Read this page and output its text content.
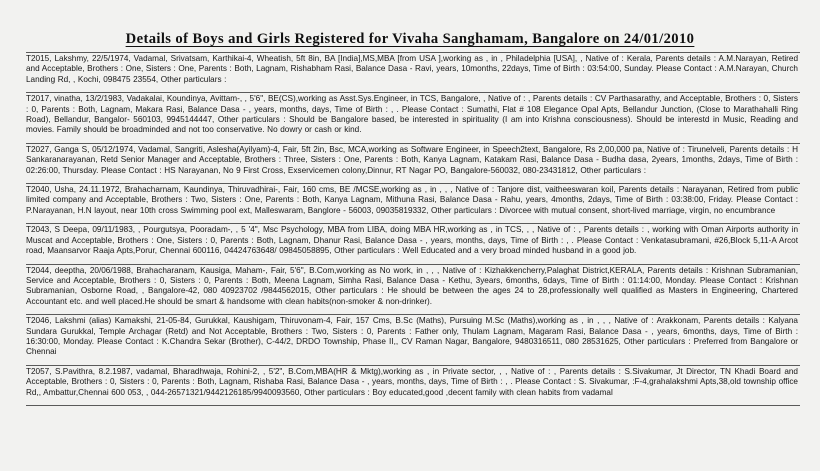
Details of Boys and Girls Registered for Vivaha Sanghamam, Bangalore on 24/01/2010
T2015, Lakshmy, 22/5/1974, Vadamal, Srivatsam, Karthikai-4, Wheatish, 5ft 8in, BA [India],MS,MBA [from USA ],working as , in , Philadelphia [USA], , Native of : Kerala, Parents details : A.M.Narayan, Retired and Acceptable, Brothers : One, Sisters : One, Parents : Both, Lagnam, Rishabham Rasi, Balance Dasa - Ravi, years, 10months, 22days, Time of Birth : 03:54:00, Sunday. Please Contact : A.M.Narayan, Church Landing Rd, , Kochi, 098475 23554, Other particulars :
T2017, vinatha, 13/2/1983, Vadakalai, Koundinya, Avittam-, , 5'6", BE(CS),working as Asst.Sys.Engineer, in TCS, Bangalore, , Native of : , Parents details : CV Parthasarathy, and Acceptable, Brothers : 0, Sisters : 0, Parents : Both, Lagnam, Makara Rasi, Balance Dasa - , years, months, days, Time of Birth : , . Please Contact : Sumathi, Flat # 108 Elegance Opal Apts, Bellandur Junction, (Close to Marathahalli Ring Road), Bellandur, Bangalor- 560103, 9945144447, Other particulars : Should be Bangalore based, be interested in spirituality (I am into Krishna consciousness). Should be interestd in Music, Reading and movies. Family should be broadminded and not too conservative. No dowry or cash or kind.
T2027, Ganga S, 05/12/1974, Vadamal, Sangriti, Aslesha(Ayilyam)-4, Fair, 5ft 2in, Bsc, MCA,working as Software Engineer, in Speech2text, Bangalore, Rs 2,00,000 pa, Native of : Tirunelveli, Parents details : H Sankaranarayanan, Retd Senior Manager and Acceptable, Brothers : Three, Sisters : One, Parents : Both, Kanya Lagnam, Katakam Rasi, Balance Dasa - Budha dasa, 2years, 1months, 2days, Time of Birth : 02:26:00, Thursday. Please Contact : HS Narayanan, No 9 First Cross, Exservicemen colony,Dinnur, RT Nagar PO, Bangalore-560032, 080-23431812, Other particulars :
T2040, Usha, 24.11.1972, Brahacharnam, Kaundinya, Thiruvadhirai-, Fair, 160 cms, BE /MCSE,working as , in , , , Native of : Tanjore dist, vaitheeswaran koil, Parents details : Narayanan, Retired from public limited company and Acceptable, Brothers : Two, Sisters : One, Parents : Both, Kanya Lagnam, Mithuna Rasi, Balance Dasa - Rahu, years, 4months, 2days, Time of Birth : 03:38:00, Friday. Please Contact : P.Narayanan, H.N layout, near 10th cross Swimming pool ext, Malleswaram, Banglore - 56003, 09035819332, Other particulars : Divorcee with mutual consent, short-lived marriage, virgin, no encumbrance
T2043, S Deepa, 09/11/1983, , Pourgutsya, Pooradam-, , 5 '4", Msc Psychology, MBA from LIBA, doing MBA HR,working as , in TCS, , , Native of : , Parents details : , working with Oman Airports authority in Muscat and Acceptable, Brothers : One, Sisters : 0, Parents : Both, Lagnam, Dhanur Rasi, Balance Dasa - , years, months, days, Time of Birth : , . Please Contact : Venkatasubramani, #26,Block 5,11-A Arcot road, Maansarvor Raaja Apts,Porur, Chennai 600116, 04424763648/ 09845058895, Other particulars : Well Educated and a very broad minded husband in a good job.
T2044, deeptha, 20/06/1988, Brahacharanam, Kausiga, Maham-, Fair, 5'6", B.Com,working as No work, in , , , Native of : Kizhakkencherry,Palaghat District,KERALA, Parents details : Krishnan Subramanian, Service and Acceptable, Brothers : 0, Sisters : 0, Parents : Both, Meena Lagnam, Simha Rasi, Balance Dasa - Kethu, 3years, 6months, 6days, Time of Birth : 01:14:00, Monday. Please Contact : Krishnan Subramanian, Osborne Road, , Bangalore-42, 080 40923702 /9844562015, Other particulars : He should be between the ages 24 to 28,professionally well qualified as Masters in Engineering, Chartered Accountant etc. and well placed.He should be smart & handsome with clean habits(non-smoker & non-drinker).
T2046, Lakshmi (alias) Kamakshi, 21-05-84, Gurukkal, Kaushigam, Thiruvonam-4, Fair, 157 Cms, B.Sc (Maths), Pursuing M.Sc (Maths),working as , in , , , Native of : Arakkonam, Parents details : Kalyana Sundara Gurukkal, Temple Archagar (Retd) and Not Acceptable, Brothers : Two, Sisters : 0, Parents : Father only, Thulam Lagnam, Magaram Rasi, Balance Dasa - , years, 6months, days, Time of Birth : 16:30:00, Monday. Please Contact : K.Chandra Sekar (Brother), C-44/2, DRDO Township, Phase II,, CV Raman Nagar, Bangalore, 9480316511, 080 28531625, Other particulars : Preferred from Bangalore or Chennai
T2057, S.Pavithra, 8.2.1987, vadamal, Bharadhwaja, Rohini-2, , 5'2", B.Com,MBA(HR & Mktg),working as , in Private sector, , , Native of : , Parents details : S.Sivakumar, Jt Director, TN Khadi Board and Acceptable, Brothers : 0, Sisters : 0, Parents : Both, Lagnam, Rishaba Rasi, Balance Dasa - , years, months, days, Time of Birth : , . Please Contact : S. Sivakumar, :F-4,grahalakshmi Apts,38,old township office Rd,, Ambattur,Chennai 600 053, , 044-26571321/9442126185/9940093560, Other particulars : Boy educated,good ,decent family with clean habits from vadamal
